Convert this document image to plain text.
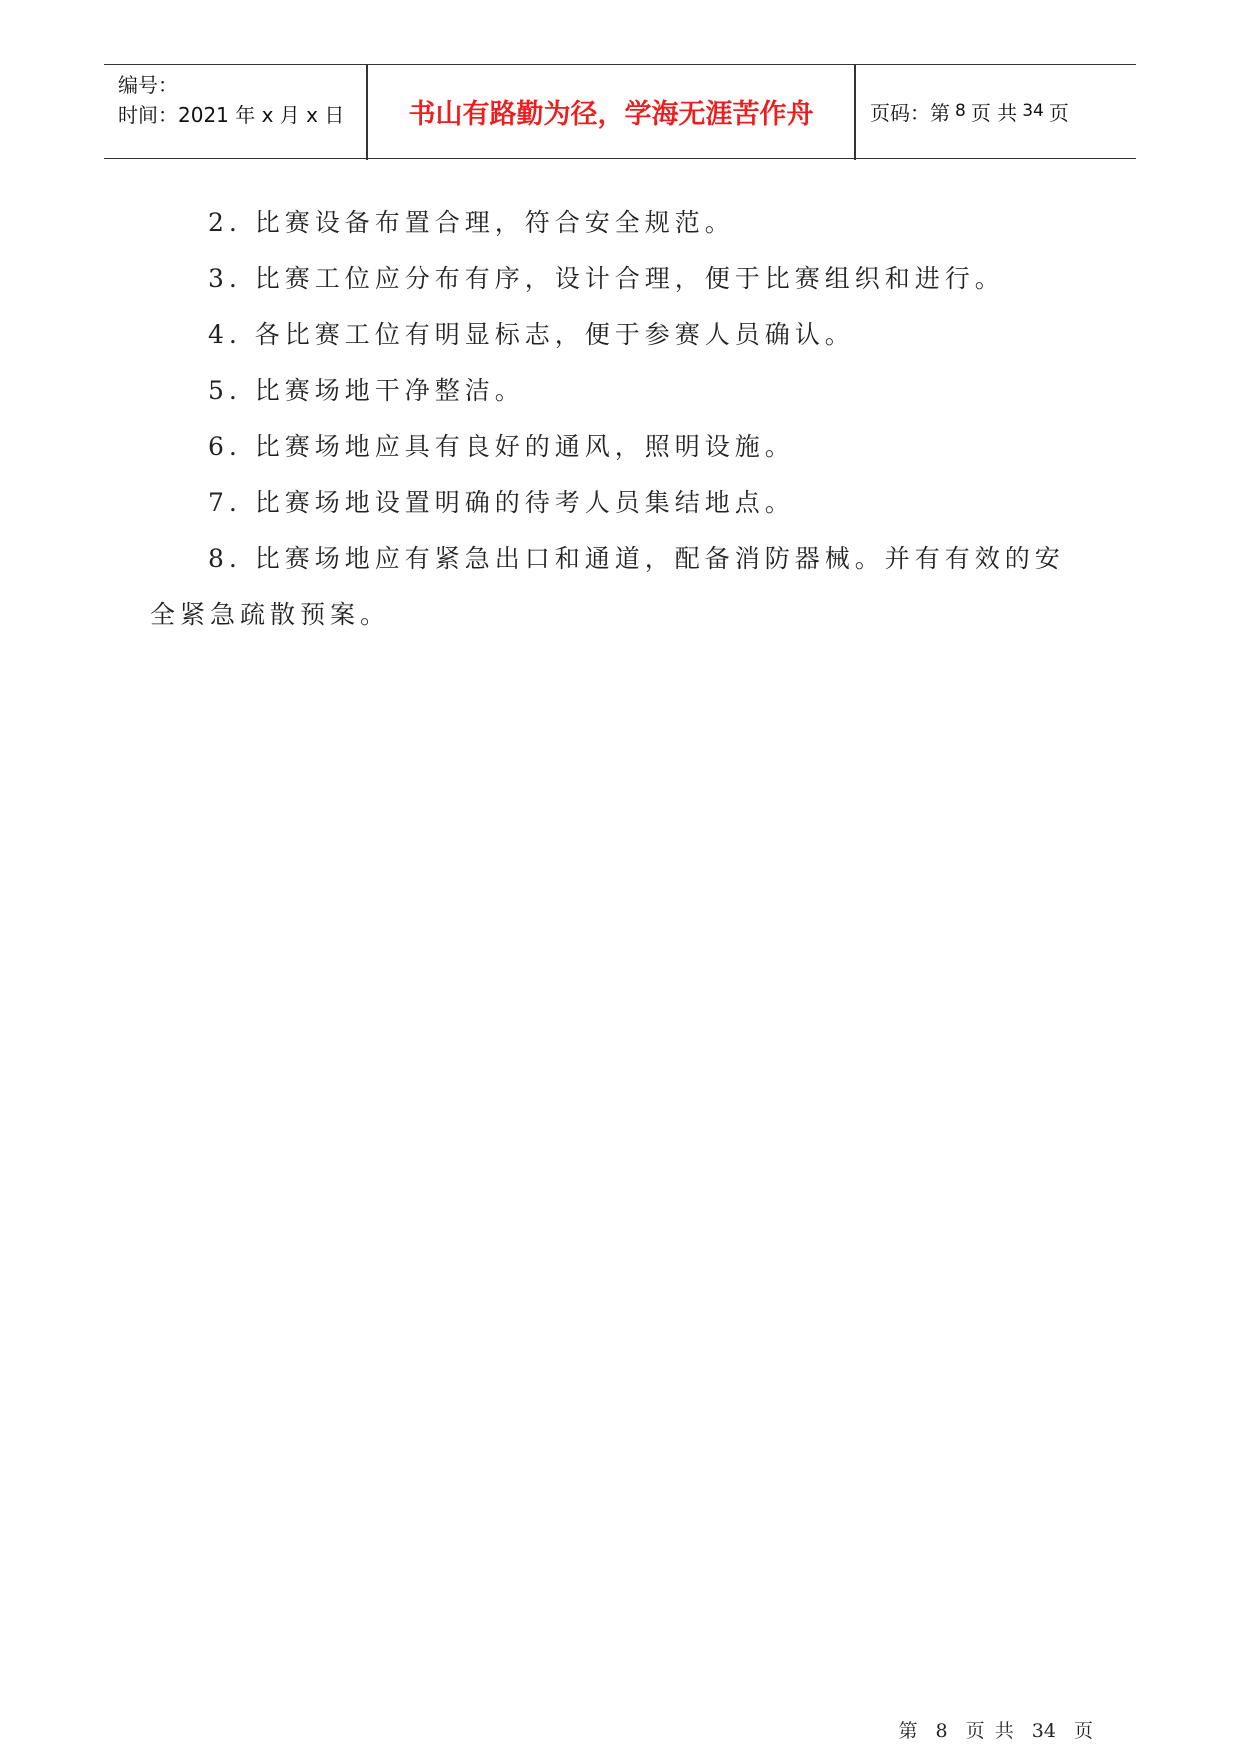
编号：
时间：2021 年 x 月 x 日	书山有路勤为径，学海无涯苦作舟	页码：第 8 页 共 34 页

2. 比赛设备布置合理，符合安全规范。

3. 比赛工位应分布有序，设计合理，便于比赛组织和进行。

4. 各比赛工位有明显标志，便于参赛人员确认。

5. 比赛场地干净整洁。

6. 比赛场地应具有良好的通风，照明设施。

7. 比赛场地设置明确的待考人员集结地点。

8. 比赛场地应有紧急出口和通道，配备消防器械。并有有效的安全紧急疏散预案。

第 8 页 共 34 页
